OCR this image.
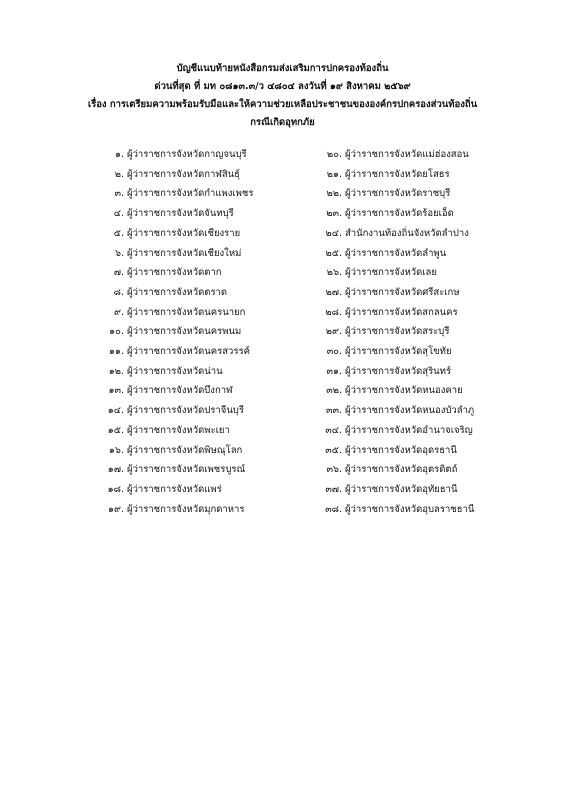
บัญชีแนบท้ายหนังสือกรมส่งเสริมการปกครองท้องถิ่น
ด่วนที่สุด ที่ มท ๐๘๑๓.๓/ว ๔๘๐๔ ลงวันที่ ๑๙ สิงหาคม ๒๕๖๙
เรื่อง การเตรียมความพร้อมรับมือและให้ความช่วยเหลือประชาชนขององค์กรปกครองส่วนท้องถิ่น
กรณีเกิดอุทกภัย
๑. ผู้ว่าราชการจังหวัดกาญจนบุรี
๒. ผู้ว่าราชการจังหวัดกาฬสินธุ์
๓. ผู้ว่าราชการจังหวัดกำแพงเพชร
๔. ผู้ว่าราชการจังหวัดจันทบุรี
๕. ผู้ว่าราชการจังหวัดเชียงราย
๖. ผู้ว่าราชการจังหวัดเชียงใหม่
๗. ผู้ว่าราชการจังหวัดตาก
๘. ผู้ว่าราชการจังหวัดตราด
๙. ผู้ว่าราชการจังหวัดนครนายก
๑๐. ผู้ว่าราชการจังหวัดนครพนม
๑๑. ผู้ว่าราชการจังหวัดนครสวรรค์
๑๒. ผู้ว่าราชการจังหวัดน่าน
๑๓. ผู้ว่าราชการจังหวัดบึงกาฬ
๑๔. ผู้ว่าราชการจังหวัดปราจีนบุรี
๑๕. ผู้ว่าราชการจังหวัดพะเยา
๑๖. ผู้ว่าราชการจังหวัดพิษณุโลก
๑๗. ผู้ว่าราชการจังหวัดเพชรบูรณ์
๑๘. ผู้ว่าราชการจังหวัดแพร่
๑๙. ผู้ว่าราชการจังหวัดมุกดาหาร
๒๐. ผู้ว่าราชการจังหวัดแม่ฮ่องสอน
๒๑. ผู้ว่าราชการจังหวัดยโสธร
๒๒. ผู้ว่าราชการจังหวัดราชบุรี
๒๓. ผู้ว่าราชการจังหวัดร้อยเอ็ด
๒๔. สำนักงานท้องถิ่นจังหวัดลำปาง
๒๕. ผู้ว่าราชการจังหวัดลำพูน
๒๖. ผู้ว่าราชการจังหวัดเลย
๒๗. ผู้ว่าราชการจังหวัดศรีสะเกษ
๒๘. ผู้ว่าราชการจังหวัดสกลนคร
๒๙. ผู้ว่าราชการจังหวัดสระบุรี
๓๐. ผู้ว่าราชการจังหวัดสุโขทัย
๓๑. ผู้ว่าราชการจังหวัดสุรินทร์
๓๒. ผู้ว่าราชการจังหวัดหนองคาย
๓๓. ผู้ว่าราชการจังหวัดหนองบัวลำภู
๓๔. ผู้ว่าราชการจังหวัดอำนาจเจริญ
๓๕. ผู้ว่าราชการจังหวัดอุดรธานี
๓๖. ผู้ว่าราชการจังหวัดอุตรดิตถ์
๓๗. ผู้ว่าราชการจังหวัดอุทัยธานี
๓๘. ผู้ว่าราชการจังหวัดอุบลราชธานี
